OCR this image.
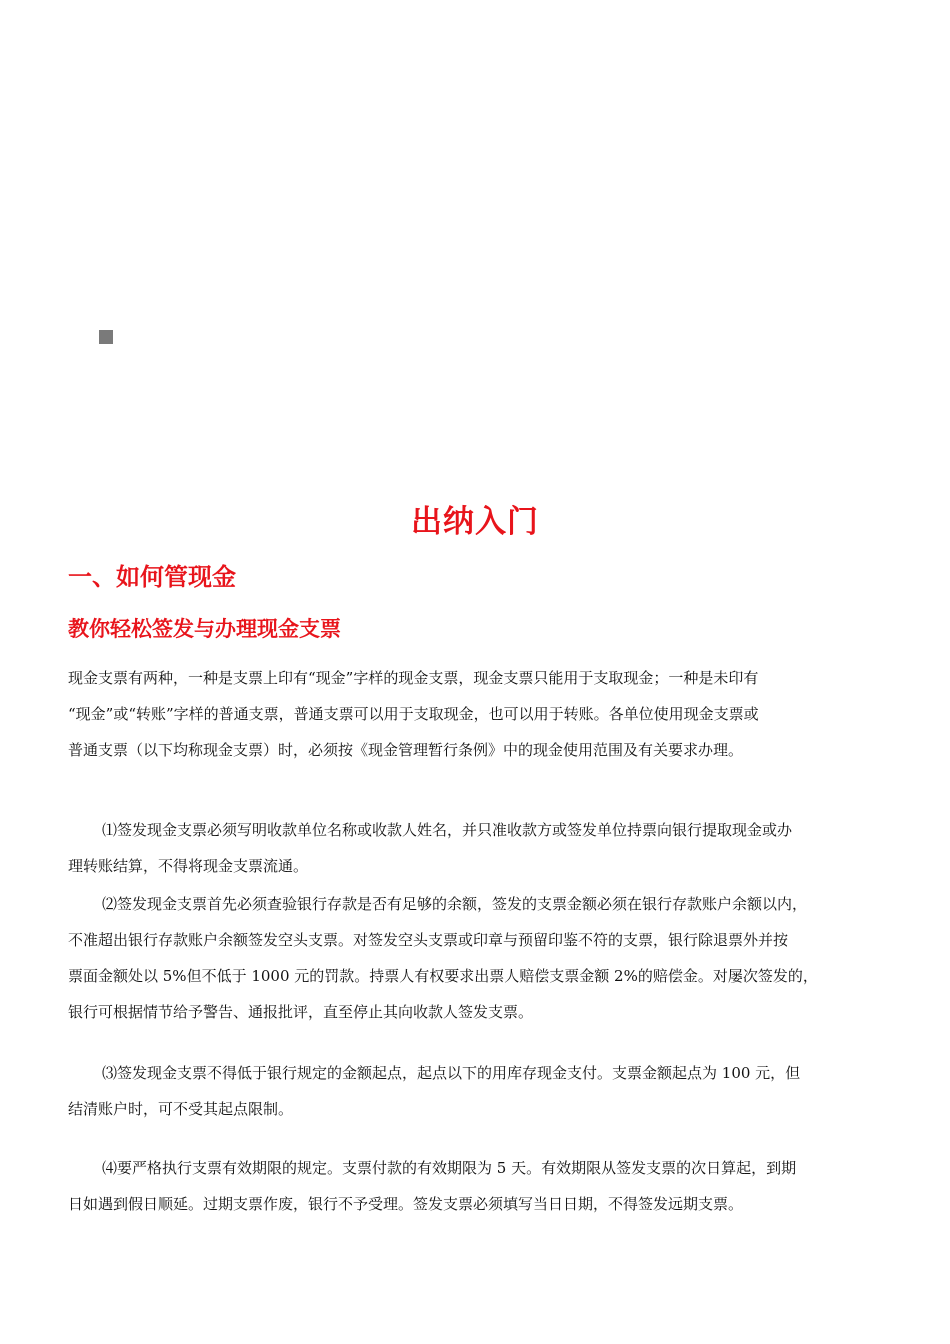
出纳入门
一、如何管现金
教你轻松签发与办理现金支票

现金支票有两种，一种是支票上印有“现金”字样的现金支票，现金支票只能用于支取现金；一种是未印有
“现金”或“转账”字样的普通支票，普通支票可以用于支取现金，也可以用于转账。各单位使用现金支票或
普通支票（以下均称现金支票）时，必须按《现金管理暂行条例》中的现金使用范围及有关要求办理。

⑴签发现金支票必须写明收款单位名称或收款人姓名，并只准收款方或签发单位持票向银行提取现金或办
理转账结算，不得将现金支票流通。

⑵签发现金支票首先必须查验银行存款是否有足够的余额，签发的支票金额必须在银行存款账户余额以内，
不准超出银行存款账户余额签发空头支票。对签发空头支票或印章与预留印鉴不符的支票，银行除退票外并按
票面金额处以 5%但不低于 1000 元的罚款。持票人有权要求出票人赔偿支票金额 2%的赔偿金。对屡次签发的，
银行可根据情节给予警告、通报批评，直至停止其向收款人签发支票。

⑶签发现金支票不得低于银行规定的金额起点，起点以下的用库存现金支付。支票金额起点为 100 元，但
结清账户时，可不受其起点限制。

⑷要严格执行支票有效期限的规定。支票付款的有效期限为 5 天。有效期限从签发支票的次日算起，到期
日如遇到假日顺延。过期支票作废，银行不予受理。签发支票必须填写当日日期，不得签发远期支票。
